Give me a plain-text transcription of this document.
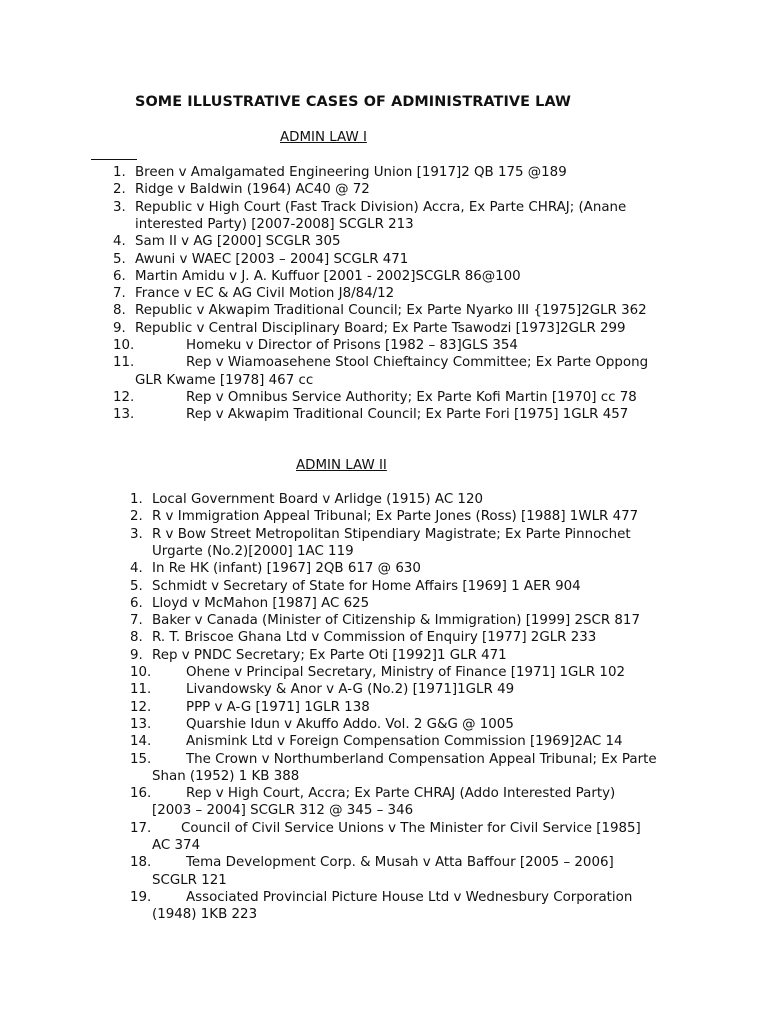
SOME ILLUSTRATIVE CASES OF ADMINISTRATIVE LAW
ADMIN LAW I
1. Breen v Amalgamated Engineering Union [1917]2 QB 175 @189
2. Ridge v Baldwin (1964) AC40 @ 72
3. Republic v High Court (Fast Track Division) Accra, Ex Parte CHRAJ; (Anane
interested Party) [2007-2008] SCGLR 213
4. Sam II v AG [2000] SCGLR 305
5. Awuni v WAEC [2003 – 2004] SCGLR 471
6. Martin Amidu v J. A. Kuffuor [2001 - 2002]SCGLR 86@100
7. France v EC & AG Civil Motion J8/84/12
8. Republic v Akwapim Traditional Council; Ex Parte Nyarko III {1975]2GLR 362
9. Republic v Central Disciplinary Board; Ex Parte Tsawodzi [1973]2GLR 299
10.	Homeku v Director of Prisons [1982 – 83]GLS 354
11.	Rep v Wiamoasehene Stool Chieftaincy Committee; Ex Parte Oppong
GLR Kwame [1978] 467 cc
12.	Rep v Omnibus Service Authority; Ex Parte Kofi Martin [1970] cc 78
13.	Rep v Akwapim Traditional Council; Ex Parte Fori [1975] 1GLR 457
ADMIN LAW II
1. Local Government Board v Arlidge (1915) AC 120
2. R v Immigration Appeal Tribunal; Ex Parte Jones (Ross) [1988] 1WLR 477
3. R v Bow Street Metropolitan Stipendiary Magistrate; Ex Parte Pinnochet
Urgarte (No.2)[2000] 1AC 119
4. In Re HK (infant) [1967] 2QB 617 @ 630
5. Schmidt v Secretary of State for Home Affairs [1969] 1 AER 904
6. Lloyd v McMahon [1987] AC 625
7. Baker v Canada (Minister of Citizenship & Immigration) [1999] 2SCR 817
8. R. T. Briscoe Ghana Ltd v Commission of Enquiry [1977] 2GLR 233
9. Rep v PNDC Secretary; Ex Parte Oti [1992]1 GLR 471
10.	Ohene v Principal Secretary, Ministry of Finance [1971] 1GLR 102
11.	Livandowsky & Anor v A-G (No.2) [1971]1GLR 49
12.	PPP v A-G [1971] 1GLR 138
13.	Quarshie Idun v Akuffo Addo. Vol. 2 G&G @ 1005
14.	Anismink Ltd v Foreign Compensation Commission [1969]2AC 14
15.	The Crown v Northumberland Compensation Appeal Tribunal; Ex Parte
Shan (1952) 1 KB 388
16.	Rep v High Court, Accra; Ex Parte CHRAJ (Addo Interested Party)
[2003 – 2004] SCGLR 312 @ 345 – 346
17. Council of Civil Service Unions v The Minister for Civil Service [1985]
AC 374
18.	Tema Development Corp. & Musah v Atta Baffour [2005 – 2006]
SCGLR 121
19.	Associated Provincial Picture House Ltd v Wednesbury Corporation
(1948) 1KB 223
